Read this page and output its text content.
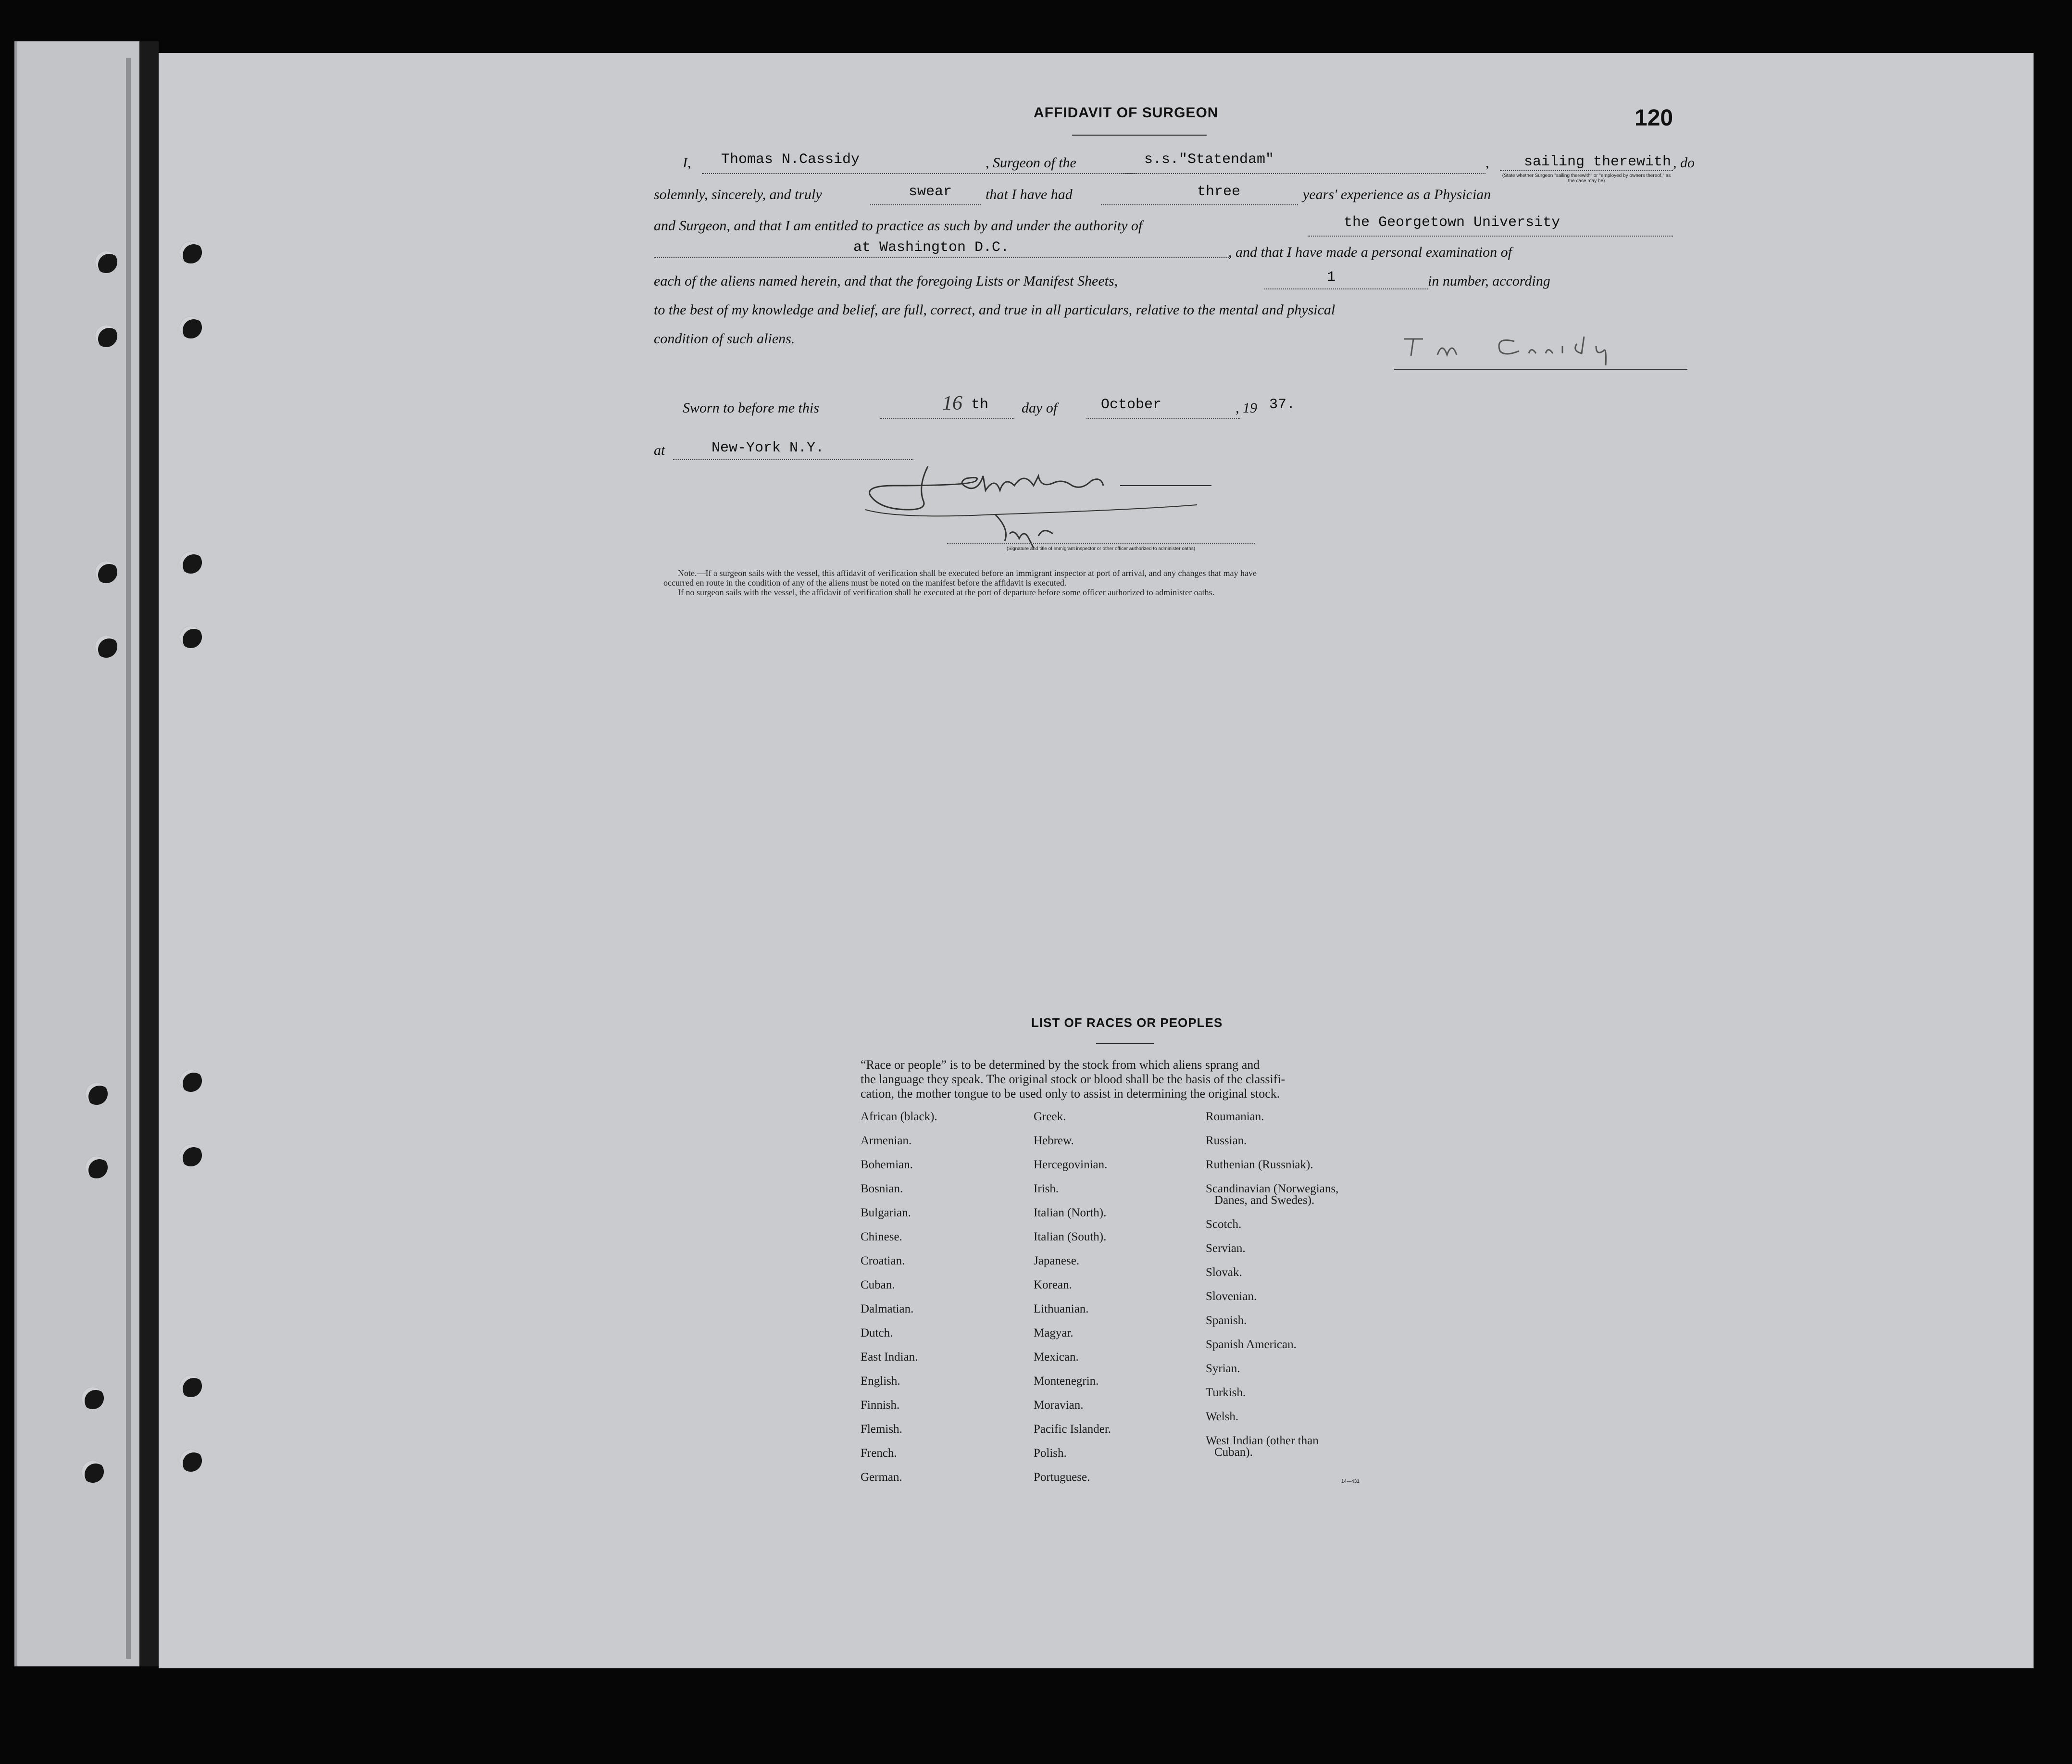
120
AFFIDAVIT OF SURGEON
I, Thomas N.Cassidy	, Surgeon of the	s.s."Statendam"	, sailing therewith
(State whether Surgeon "sailing therewith" or "employed by owners thereof," as the case may be)
, do
solemnly, sincerely, and truly	swear that I have had	three	years' experience as a Physician
and Surgeon, and that I am entitled to practice as such by and under the authority of	the Georgetown University
at Washington D.C.	, and that I have made a personal examination of
each of the aliens named herein, and that the foregoing Lists or Manifest Sheets,	1	in number, according
to the best of my knowledge and belief, are full, correct, and true in all particulars, relative to the mental and physical
condition of such aliens.
Sworn to before me this	16 th day of	October	, 19 37.
at	New-York N.Y.
(Signature and title of immigrant inspector or other officer authorized to administer oaths)
Note.—If a surgeon sails with the vessel, this affidavit of verification shall be executed before an immigrant inspector at port of arrival, and any changes that may have
occurred en route in the condition of any of the aliens must be noted on the manifest before the affidavit is executed.
If no surgeon sails with the vessel, the affidavit of verification shall be executed at the port of departure before some officer authorized to administer oaths.
LIST OF RACES OR PEOPLES
“Race or people” is to be determined by the stock from which aliens sprang and
the language they speak. The original stock or blood shall be the basis of the classifi-
cation, the mother tongue to be used only to assist in determining the original stock.
African (black).
Armenian.
Bohemian.
Bosnian.
Bulgarian.
Chinese.
Croatian.
Cuban.
Dalmatian.
Dutch.
East Indian.
English.
Finnish.
Flemish.
French.
German.
Greek.
Hebrew.
Hercegovinian.
Irish.
Italian (North).
Italian (South).
Japanese.
Korean.
Lithuanian.
Magyar.
Mexican.
Montenegrin.
Moravian.
Pacific Islander.
Polish.
Portuguese.
Roumanian.
Russian.
Ruthenian (Russniak).
Scandinavian (Norwegians,
Danes, and Swedes).
Scotch.
Servian.
Slovak.
Slovenian.
Spanish.
Spanish American.
Syrian.
Turkish.
Welsh.
West Indian (other than
Cuban).
14—431
